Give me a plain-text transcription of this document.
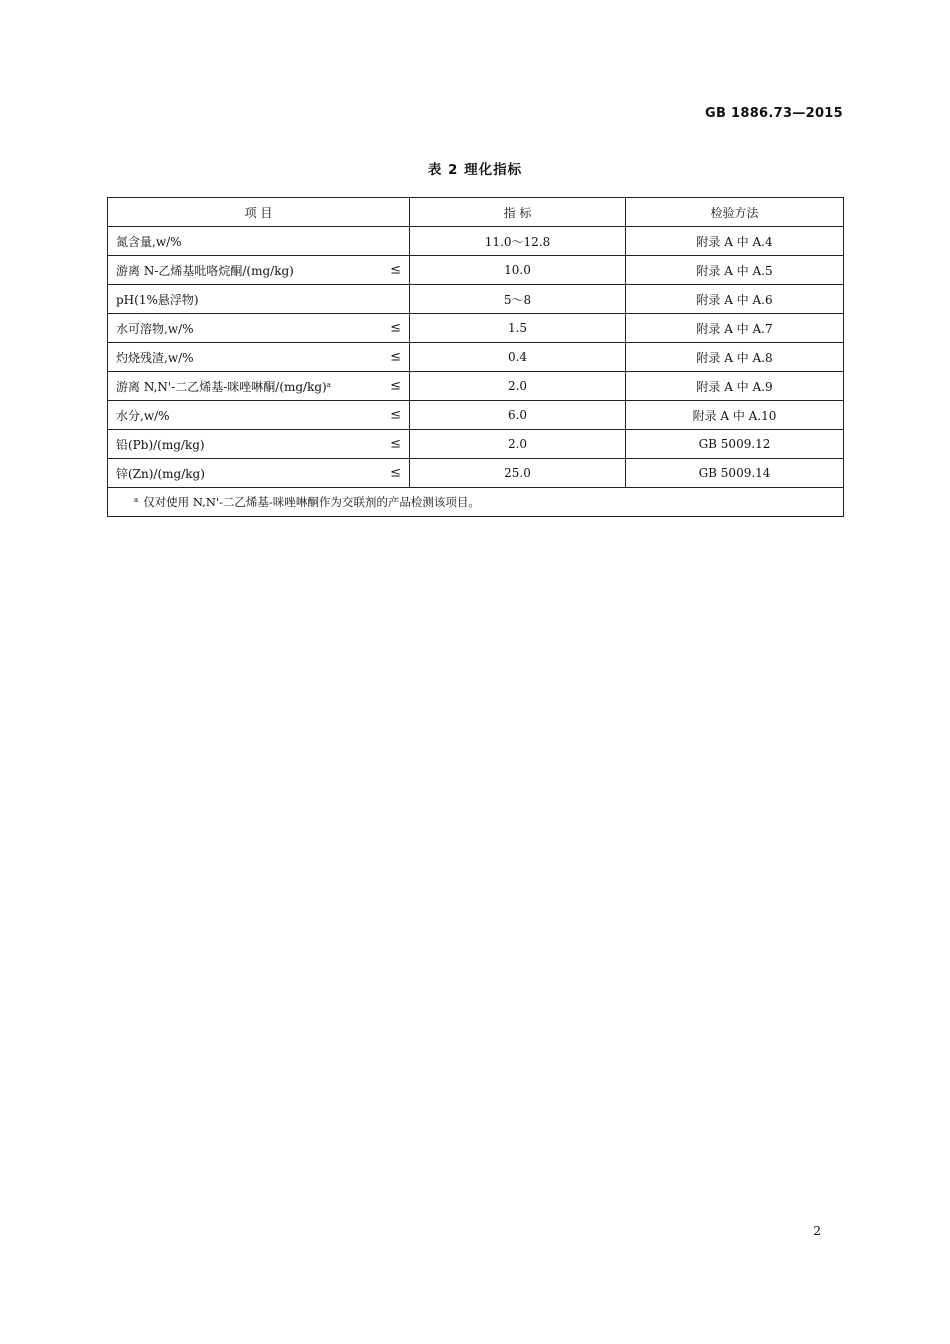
GB 1886.73—2015
表 2 理化指标
项 目	指 标	检验方法
氮含量,w/%	11.0～12.8	附录 A 中 A.4
游离 N-乙烯基吡咯烷酮/(mg/kg) ≤	10.0	附录 A 中 A.5
pH(1%悬浮物)	5～8	附录 A 中 A.6
水可溶物,w/% ≤	1.5	附录 A 中 A.7
灼烧残渣,w/% ≤	0.4	附录 A 中 A.8
游离 N,N'-二乙烯基-咪唑啉酮$/(mg/kg)^a$ ≤	2.0	附录 A 中 A.9
水分,w/% ≤	6.0	附录 A 中 A.10
铅(Pb)/(mg/kg) ≤	2.0	GB 5009.12
锌(Zn)/(mg/kg) ≤	25.0	GB 5009.14
$^a$ 仅对使用 N,N'-二乙烯基-咪唑啉酮作为交联剂的产品检测该项目。		
2
